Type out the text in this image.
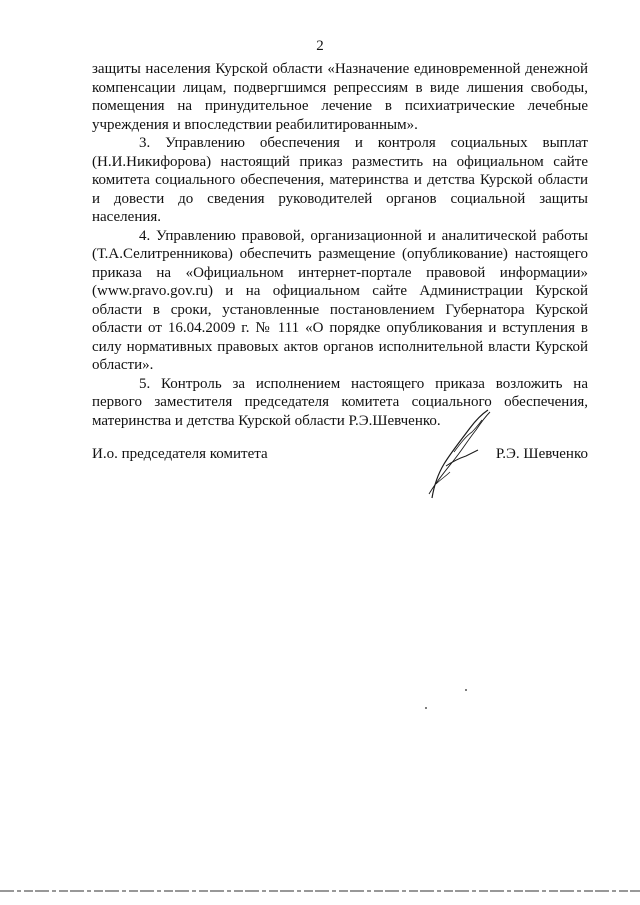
2

защиты населения Курской области «Назначение единовременной денежной компенсации лицам, подвергшимся репрессиям в виде лишения свободы, помещения на принудительное лечение в психиатрические лечебные учреждения и впоследствии реабилитированным».

3. Управлению обеспечения и контроля социальных выплат (Н.И.Никифорова) настоящий приказ разместить на официальном сайте комитета социального обеспечения, материнства и детства Курской области и довести до сведения руководителей органов социальной защиты населения.

4. Управлению правовой, организационной и аналитической работы (Т.А.Селитренникова) обеспечить размещение (опубликование) настоящего приказа на «Официальном интернет-портале правовой информации» (www.pravo.gov.ru) и на официальном сайте Администрации Курской области в сроки, установленные постановлением Губернатора Курской области от 16.04.2009 г. № 111 «О порядке опубликования и вступления в силу нормативных правовых актов органов исполнительной власти Курской области».

5. Контроль за исполнением настоящего приказа возложить на первого заместителя председателя комитета социального обеспечения, материнства и детства Курской области Р.Э.Шевченко.

И.о. председателя комитета	Р.Э. Шевченко
